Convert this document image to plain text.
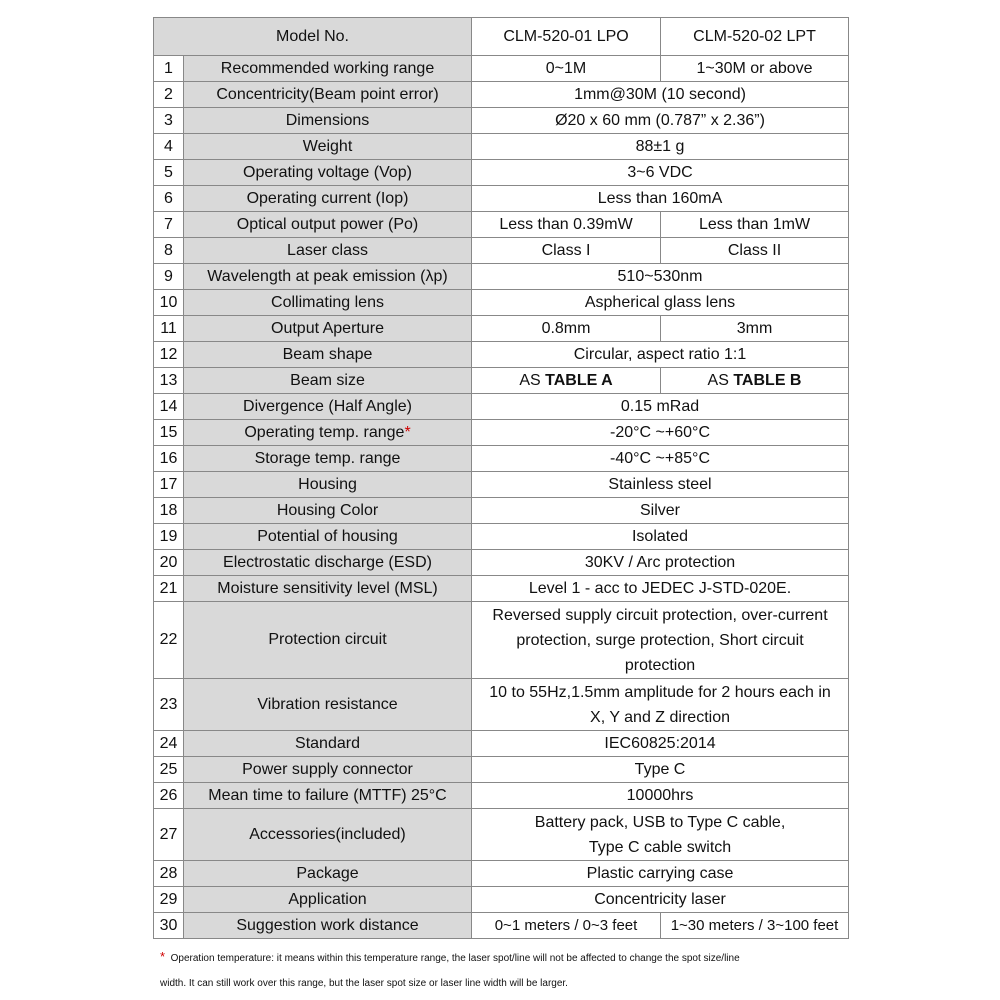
Model No.		CLM-520-01 LPO	CLM-520-02 LPT
1	Recommended working range	0~1M	1~30M or above
2	Concentricity(Beam point error)	1mm@30M (10 second)	
3	Dimensions	Ø20 x 60 mm (0.787” x 2.36”)	
4	Weight	88±1 g	
5	Operating voltage (Vop)	3~6 VDC	
6	Operating current (Iop)	Less than 160mA	
7	Optical output power (Po)	Less than 0.39mW	Less than 1mW
8	Laser class	Class I	Class II
9	Wavelength at peak emission (λp)	510~530nm	
10	Collimating lens	Aspherical glass lens	
11	Output Aperture	0.8mm	3mm
12	Beam shape	Circular, aspect ratio 1:1	
13	Beam size	AS TABLE A	AS TABLE B
14	Divergence (Half Angle)	0.15 mRad	
15	Operating temp. range*	-20°C ~+60°C	
16	Storage temp. range	-40°C ~+85°C	
17	Housing	Stainless steel	
18	Housing Color	Silver	
19	Potential of housing	Isolated	
20	Electrostatic discharge (ESD)	30KV / Arc protection	
21	Moisture sensitivity level (MSL)	Level 1 - acc to JEDEC J-STD-020E.	
22	Protection circuit	Reversed supply circuit protection, over-current
protection, surge protection, Short circuit
protection	

23	Vibration resistance	10 to 55Hz,1.5mm amplitude for 2 hours each in
X, Y and Z direction	

24	Standard	IEC60825:2014	
25	Power supply connector	Type C	
26	Mean time to failure (MTTF) 25°C	10000hrs	
27	Accessories(included)	Battery pack, USB to Type C cable,
Type C cable switch	

28	Package	Plastic carrying case	
29	Application	Concentricity laser	
30	Suggestion work distance	0~1 meters / 0~3 feet	1~30 meters / 3~100 feet
* Operation temperature: it means within this temperature range, the laser spot/line will not be affected to change the spot size/line
width. It can still work over this range, but the laser spot size or laser line width will be larger.
